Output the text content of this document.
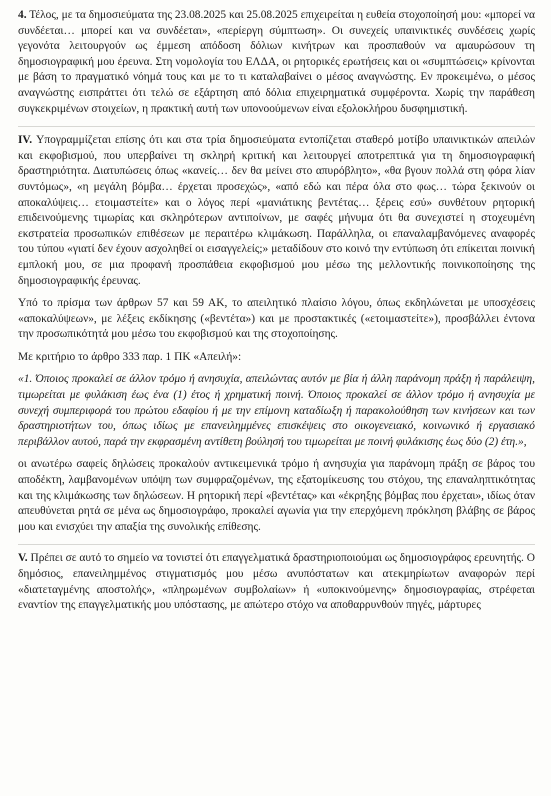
4. Τέλος, με τα δημοσιεύματα της 23.08.2025 και 25.08.2025 επιχειρείται η ευθεία στοχοποίησή μου: «μπορεί να συνδέεται… μπορεί και να συνδέεται», «περίεργη σύμπτωση». Οι συνεχείς υπαινικτικές συνδέσεις χωρίς γεγονότα λειτουργούν ως έμμεση απόδοση δόλιων κινήτρων και προσπαθούν να αμαυρώσουν τη δημοσιογραφική μου έρευνα. Στη νομολογία του ΕΛΔΑ, οι ρητορικές ερωτήσεις και οι «συμπτώσεις» κρίνονται με βάση το πραγματικό νόημά τους και με το τι καταλαβαίνει ο μέσος αναγνώστης. Εν προκειμένω, ο μέσος αναγνώστης εισπράττει ότι τελώ σε εξάρτηση από δόλια επιχειρηματικά συμφέροντα. Χωρίς την παράθεση συγκεκριμένων στοιχείων, η πρακτική αυτή των υπονοούμενων είναι εξολοκλήρου δυσφημιστική.

IV. Υπογραμμίζεται επίσης ότι και στα τρία δημοσιεύματα εντοπίζεται σταθερό μοτίβο υπαινικτικών απειλών και εκφοβισμού, που υπερβαίνει τη σκληρή κριτική και λειτουργεί αποτρεπτικά για τη δημοσιογραφική δραστηριότητα. Διατυπώσεις όπως «κανείς… δεν θα μείνει στο απυρόβλητο», «θα βγουν πολλά στη φόρα λίαν συντόμως», «η μεγάλη βόμβα… έρχεται προσεχώς», «από εδώ και πέρα όλα στο φως… τώρα ξεκινούν οι αποκαλύψεις… ετοιμαστείτε» και ο λόγος περί «μανιάτικης βεντέτας… ξέρεις εσύ» συνθέτουν ρητορική επιδεινούμενης τιμωρίας και σκληρότερων αντιποίνων, με σαφές μήνυμα ότι θα συνεχιστεί η στοχευμένη εκστρατεία προσωπικών επιθέσεων με περαιτέρω κλιμάκωση. Παράλληλα, οι επαναλαμβανόμενες αναφορές του τύπου «γιατί δεν έχουν ασχοληθεί οι εισαγγελείς;» μεταδίδουν στο κοινό την εντύπωση ότι επίκειται ποινική εμπλοκή μου, σε μια προφανή προσπάθεια εκφοβισμού μου μέσω της μελλοντικής ποινικοποίησης της δημοσιογραφικής έρευνας.

Υπό το πρίσμα των άρθρων 57 και 59 ΑΚ, το απειλητικό πλαίσιο λόγου, όπως εκδηλώνεται με υποσχέσεις «αποκαλύψεων», με λέξεις εκδίκησης («βεντέτα») και με προστακτικές («ετοιμαστείτε»), προσβάλλει έντονα την προσωπικότητά μου μέσω του εκφοβισμού και της στοχοποίησης.

Με κριτήριο το άρθρο 333 παρ. 1 ΠΚ «Απειλή»:

«1. Όποιος προκαλεί σε άλλον τρόμο ή ανησυχία, απειλώντας αυτόν με βία ή άλλη παράνομη πράξη ή παράλειψη, τιμωρείται με φυλάκιση έως ένα (1) έτος ή χρηματική ποινή. Όποιος προκαλεί σε άλλον τρόμο ή ανησυχία με συνεχή συμπεριφορά του πρώτου εδαφίου ή με την επίμονη καταδίωξη ή παρακολούθηση των κινήσεων και των δραστηριοτήτων του, όπως ιδίως με επανειλημμένες επισκέψεις στο οικογενειακό, κοινωνικό ή εργασιακό περιβάλλον αυτού, παρά την εκφρασμένη αντίθετη βούλησή του τιμωρείται με ποινή φυλάκισης έως δύο (2) έτη.»,

οι ανωτέρω σαφείς δηλώσεις προκαλούν αντικειμενικά τρόμο ή ανησυχία για παράνομη πράξη σε βάρος του αποδέκτη, λαμβανομένων υπόψη των συμφραζομένων, της εξατομίκευσης του στόχου, της επαναληπτικότητας και της κλιμάκωσης των δηλώσεων. Η ρητορική περί «βεντέτας» και «έκρηξης βόμβας που έρχεται», ιδίως όταν απευθύνεται ρητά σε μένα ως δημοσιογράφο, προκαλεί αγωνία για την επερχόμενη πρόκληση βλάβης σε βάρος μου και ενισχύει την απαξία της συνολικής επίθεσης.

V. Πρέπει σε αυτό το σημείο να τονιστεί ότι επαγγελματικά δραστηριοποιούμαι ως δημοσιογράφος ερευνητής. Ο δημόσιος, επανειλημμένος στιγματισμός μου μέσω ανυπόστατων και ατεκμηρίωτων αναφορών περί «διατεταγμένης αποστολής», «πληρωμένων συμβολαίων» ή «υποκινούμενης» δημοσιογραφίας, στρέφεται εναντίον της επαγγελματικής μου υπόστασης, με απώτερο στόχο να αποθαρρυνθούν πηγές, μάρτυρες
